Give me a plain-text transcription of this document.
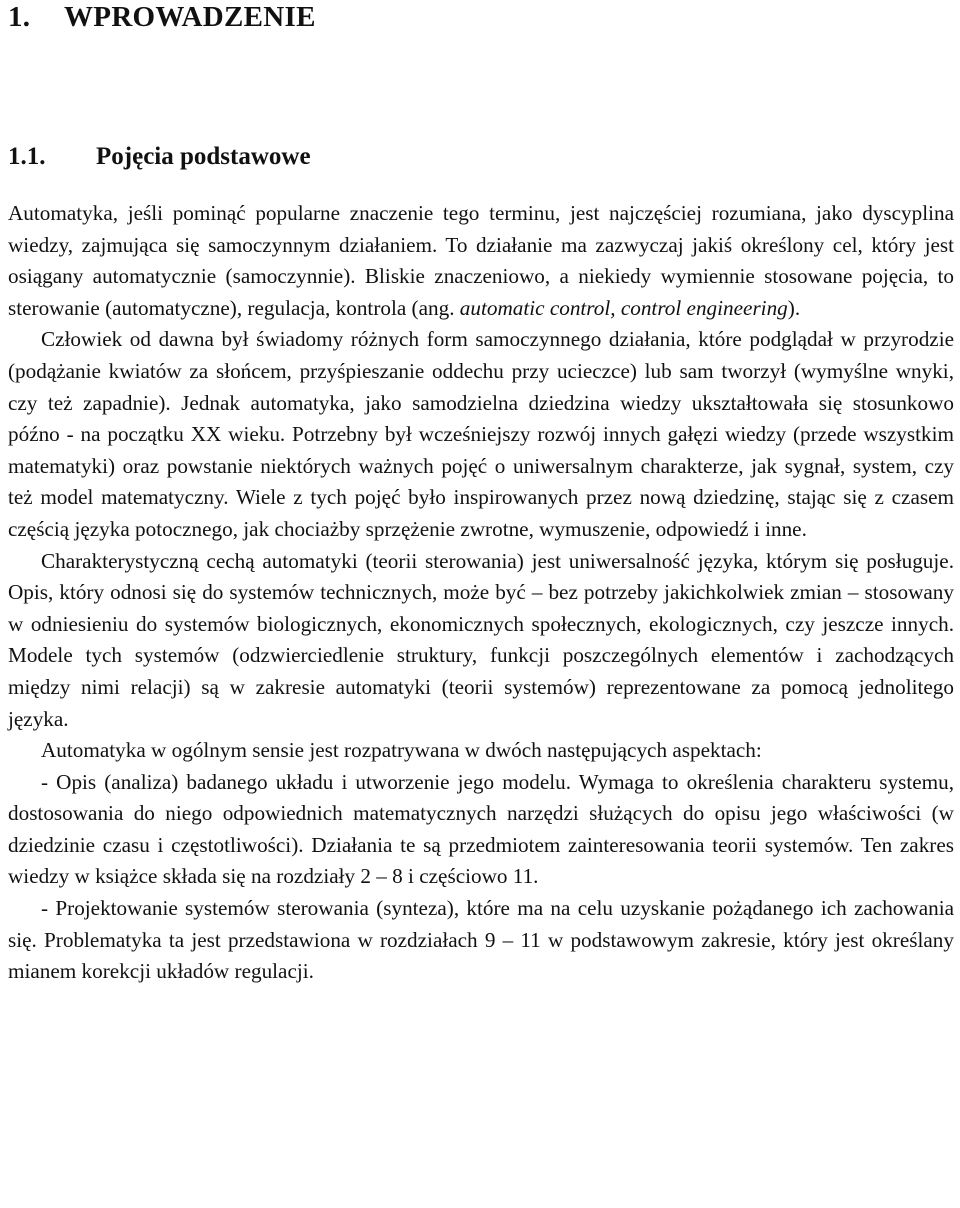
1. WPROWADZENIE
1.1. Pojęcia podstawowe

Automatyka, jeśli pominąć popularne znaczenie tego terminu, jest najczęściej rozumiana, jako dyscyplina wiedzy, zajmująca się samoczynnym działaniem. To działanie ma zazwyczaj jakiś określony cel, który jest osiągany automatycznie (samoczynnie). Bliskie znaczeniowo, a niekiedy wymiennie stosowane pojęcia, to sterowanie (automatyczne), regulacja, kontrola (ang. automatic control, control engineering).

Człowiek od dawna był świadomy różnych form samoczynnego działania, które podglądał w przyrodzie (podążanie kwiatów za słońcem, przyśpieszanie oddechu przy ucieczce) lub sam tworzył (wymyślne wnyki, czy też zapadnie). Jednak automatyka, jako samodzielna dziedzina wiedzy ukształtowała się stosunkowo późno - na początku XX wieku. Potrzebny był wcześniejszy rozwój innych gałęzi wiedzy (przede wszystkim matematyki) oraz powstanie niektórych ważnych pojęć o uniwersalnym charakterze, jak sygnał, system, czy też model matematyczny. Wiele z tych pojęć było inspirowanych przez nową dziedzinę, stając się z czasem częścią języka potocznego, jak chociażby sprzężenie zwrotne, wymuszenie, odpowiedź i inne.

Charakterystyczną cechą automatyki (teorii sterowania) jest uniwersalność języka, którym się posługuje. Opis, który odnosi się do systemów technicznych, może być – bez potrzeby jakichkolwiek zmian – stosowany w odniesieniu do systemów biologicznych, ekonomicznych społecznych, ekologicznych, czy jeszcze innych. Modele tych systemów (odzwierciedlenie struktury, funkcji poszczególnych elementów i zachodzących między nimi relacji) są w zakresie automatyki (teorii systemów) reprezentowane za pomocą jednolitego języka.

Automatyka w ogólnym sensie jest rozpatrywana w dwóch następujących aspektach:

- Opis (analiza) badanego układu i utworzenie jego modelu. Wymaga to określenia charakteru systemu, dostosowania do niego odpowiednich matematycznych narzędzi służących do opisu jego właściwości (w dziedzinie czasu i częstotliwości). Działania te są przedmiotem zainteresowania teorii systemów. Ten zakres wiedzy w książce składa się na rozdziały 2 – 8 i częściowo 11.

- Projektowanie systemów sterowania (synteza), które ma na celu uzyskanie pożądanego ich zachowania się. Problematyka ta jest przedstawiona w rozdziałach 9 – 11 w podstawowym zakresie, który jest określany mianem korekcji układów regulacji.
